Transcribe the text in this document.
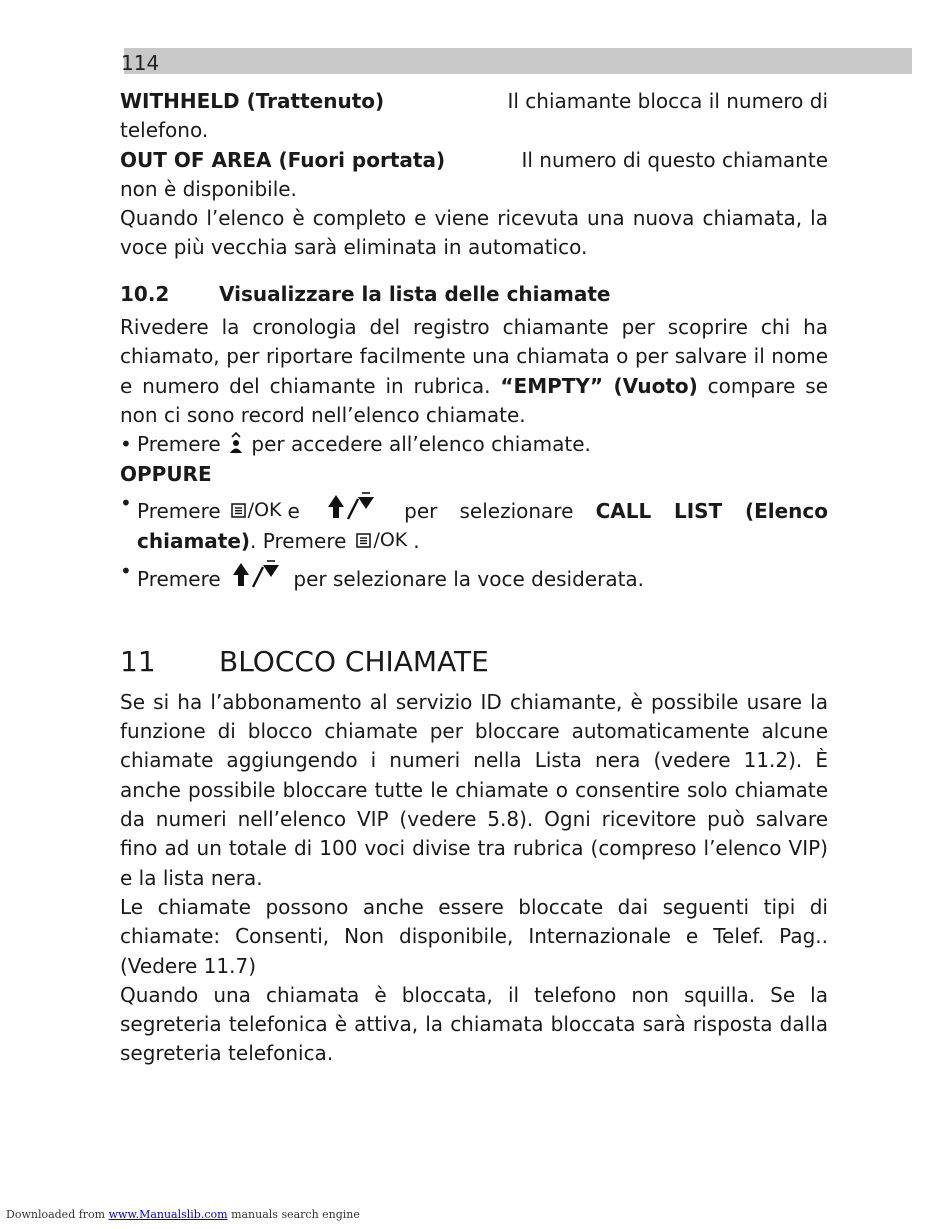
114
WITHHELD (Trattenuto)	Il chiamante blocca il numero di

telefono.

OUT OF AREA (Fuori portata)	Il numero di questo chiamante

non è disponibile.

Quando l’elenco è completo e viene ricevuta una nuova chiamata, la voce più vecchia sarà eliminata in automatico.

10.2	Visualizzare la lista delle chiamate

Rivedere la cronologia del registro chiamante per scoprire chi ha chiamato, per riportare facilmente una chiamata o per salvare il nome e numero del chiamante in rubrica. “EMPTY” (Vuoto) compare se non ci sono record nell’elenco chiamate.

• Premere per accedere all’elenco chiamate.

OPPURE

• Premere /OK e	per selezionare CALL LIST (Elenco chiamate). Premere /OK .
• Premere	per selezionare la voce desiderata.
11	BLOCCO CHIAMATE

Se si ha l’abbonamento al servizio ID chiamante, è possibile usare la funzione di blocco chiamate per bloccare automaticamente alcune chiamate aggiungendo i numeri nella Lista nera (vedere 11.2). È anche possibile bloccare tutte le chiamate o consentire solo chiamate da numeri nell’elenco VIP (vedere 5.8). Ogni ricevitore può salvare fino ad un totale di 100 voci divise tra rubrica (compreso l’elenco VIP) e la lista nera.

Le chiamate possono anche essere bloccate dai seguenti tipi di chiamate: Consenti, Non disponibile, Internazionale e Telef. Pag.. (Vedere 11.7)

Quando una chiamata è bloccata, il telefono non squilla. Se la segreteria telefonica è attiva, la chiamata bloccata sarà risposta dalla segreteria telefonica.

Downloaded from www.Manualslib.com manuals search engine
